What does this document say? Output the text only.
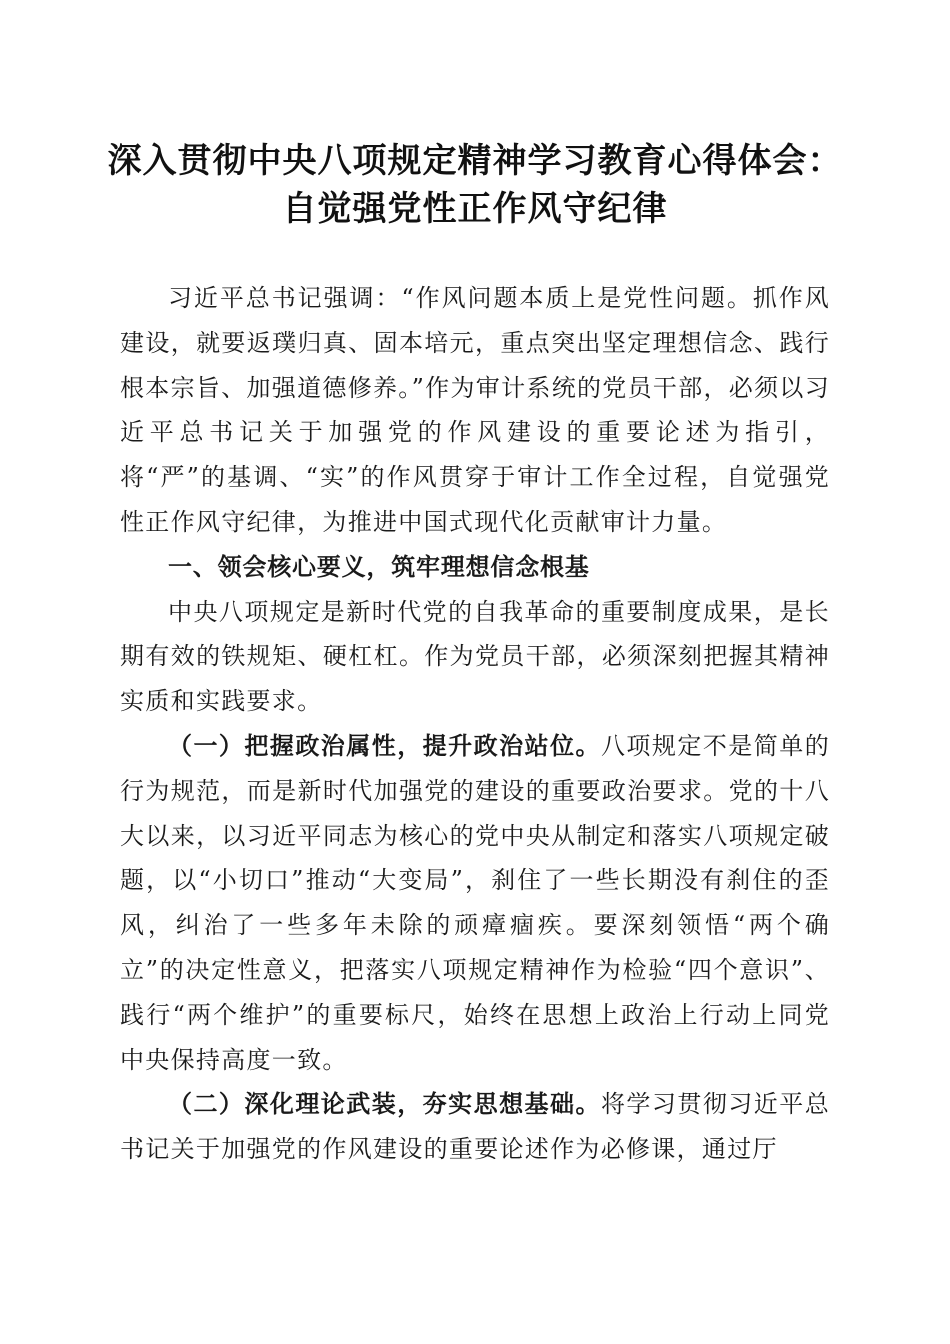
深入贯彻中央八项规定精神学习教育心得体会：
自觉强党性正作风守纪律

习近平总书记强调：“作风问题本质上是党性问题。抓作风建设，就要返璞归真、固本培元，重点突出坚定理想信念、践行根本宗旨、加强道德修养。”作为审计系统的党员干部，必须以习近平总书记关于加强党的作风建设的重要论述为指引，将“严”的基调、“实”的作风贯穿于审计工作全过程，自觉强党性正作风守纪律，为推进中国式现代化贡献审计力量。

一、领会核心要义，筑牢理想信念根基

中央八项规定是新时代党的自我革命的重要制度成果，是长期有效的铁规矩、硬杠杠。作为党员干部，必须深刻把握其精神实质和实践要求。

（一）把握政治属性，提升政治站位。八项规定不是简单的行为规范，而是新时代加强党的建设的重要政治要求。党的十八大以来，以习近平同志为核心的党中央从制定和落实八项规定破题，以“小切口”推动“大变局”，刹住了一些长期没有刹住的歪风，纠治了一些多年未除的顽瘴痼疾。要深刻领悟“两个确立”的决定性意义，把落实八项规定精神作为检验“四个意识”、践行“两个维护”的重要标尺，始终在思想上政治上行动上同党中央保持高度一致。

（二）深化理论武装，夯实思想基础。将学习贯彻习近平总书记关于加强党的作风建设的重要论述作为必修课，通过厅
